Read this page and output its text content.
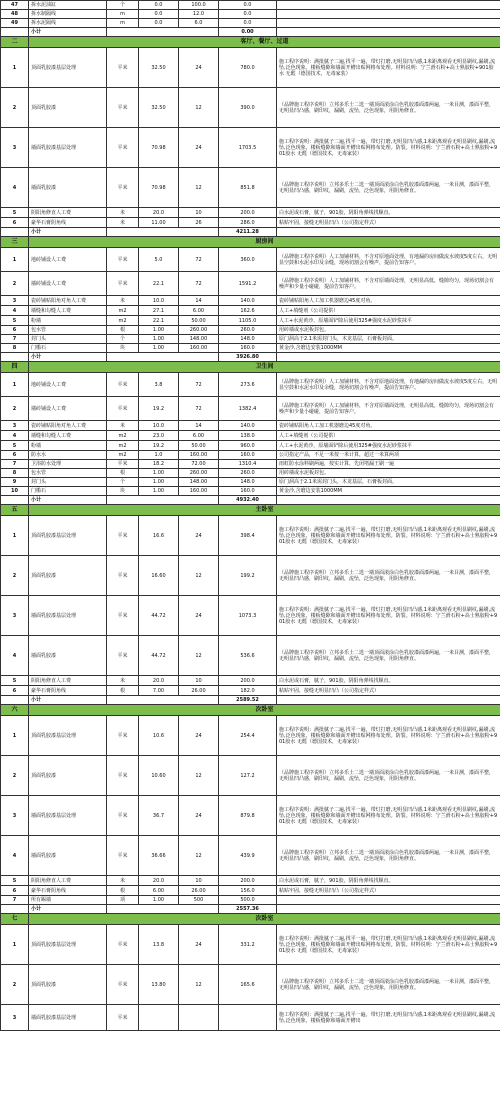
47	拆水泥油缸	个	0.0	100.0	0.0	
48	拆水制隔线	m	0.0	12.0	0.0	
49	拆水泥隔线	m	0.0	6.0	0.0	
	小计				0.00	
二	客厅、餐厅、过道					
1	顶面乳胶漆基层处理	平米	32.50	24	780.0	施工程序说明：满批腻子二遍,找平一遍，带灯打磨,无明显凹凸感,1米距离观看无明显刷纹,漏刷,流坠,泛色现象，楼板缝隙和墙面开槽出贴网格布处理。材料说明：宁兰滑石粉+高士熟胶粉+901胶水 无醛（德国技术，无毒家装）
2	顶面乳胶漆	平米	32.50	12	390.0	（品牌施工程序说明）立邦多乐士二选一墙顶面滚涂白色乳胶漆面漆两遍，一米目测，漆面平整，无明显凹凸感，刷印纹，漏刷，流坠，泛色现象，用阴角修直。
3	墙面乳胶漆基层处理	平米	70.98	24	1703.5	施工程序说明：满批腻子二遍,找平一遍，带灯打磨,无明显凹凸感,1米距离观看无明显刷纹,漏刷,流坠,泛色现象，楼板缝隙和墙面开槽出贴网格布处理。防裂。材料说明：宁兰滑石粉+高士熟胶粉+901胶水 无醛（德国技术，无毒家装）
4	墙面乳胶漆	平米	70.98	12	851.8	（品牌施工程序说明）立邦多乐士二选一墙顶面滚涂白色乳胶漆面漆两遍，一米目测，漆面平整，无明显凹凸感，刷印纹，漏刷，流坠，泛色现象，用阴角修直。
5	阴阳角修直人工费	米	20.0	10	200.0	白水泥或石膏，腻子，901胶，阴阳角弹线找顺直。
6	豪华石膏阴角线	米	11.00	26	286.0	粘贴牢固，接缝无明显凹凸（公司指定样式）
	小计				4211.28	
三	厨房间					
1	地砖铺设人工费	平米	5.0	72	360.0	（品牌施工程序说明）人工加铺材料，不含对原地面处理，有地漏的房间做流水坡度5度左右，无明显空鼓和水泥水印及余缝，现场切割会有噪声，提前告知客户。
2	墙砖铺设人工费	平米	22.1	72	1591.2	（品牌施工程序说明）人工加铺材料，不含对原墙面处理，无明显高低，缝隙均匀，现场切割会有噪声和少量小碰碰，提前告知客户。
3	瓷砖铺贴阳角对角人工费	米	10.0	14	140.0	瓷砖铺贴阳角人工加工机器磨边45度对角。
4	墙缝和勾缝人工费	m2	27.1	6.00	162.6	人工+填缝剂（公司提供）
5	粉墙	m2	22.1	50.00	1105.0	人工+水泥黄沙，原墙面铲除后使用325#强度水泥砂浆抹平
6	包水管	根	1.00	260.00	260.0	用砖墙或水泥板封包。
7	封门头	个	1.00	148.00	148.0	原门洞高于2.1米需封门头，木龙基层，石膏板封面。
8	门槛石	块	1.00	160.00	160.0	黄金沙,含磨边安装1000MM
	小计				3926.80	
四	卫生间					
1	地砖铺设人工费	平米	3.8	72	273.6	（品牌施工程序说明）人工加铺材料，不含对原地面处理，有地漏的房间做流水坡度5度左右，无明显空鼓和水泥水印及余缝，现场切割会有噪声，提前告知客户。
2	墙砖铺设人工费	平米	19.2	72	1382.4	（品牌施工程序说明）人工加铺材料，不含对原墙面处理，无明显高低，缝隙均匀，现场切割会有噪声和少量小碰碰，提前告知客户。
3	瓷砖铺贴阳角对角人工费	米	10.0	14	140.0	瓷砖铺贴阳角人工加工机器磨边45度对角。
4	墙缝和勾缝人工费	m2	23.0	6.00	138.0	人工+填缝剂（公司提供）
5	粉墙	m2	19.2	50.00	960.0	人工+水泥黄沙，原墙面铲除后使用325#强度水泥砂浆抹平
6	防水水	m2	1.0	160.00	160.0	公司指定产品，不足一米按一米计算，超过一米算两项
7	卫浴防水处理	平米	18.2	72.00	1310.4	雨虹防水涂料刷两遍，按实计算，先闭堵漏王刷一遍
8	包水管	根	1.00	260.00	260.0	用砖墙或水泥板封包。
9	封门头	个	1.00	148.00	148.0	原门洞高于2.1米需封门头，木龙基层，石膏板封面。
10	门槛石	块	1.00	160.00	160.0	黄金沙,含磨边安装1000MM
	小计				4932.40	
五	主卧室					
1	顶面乳胶漆基层处理	平米	16.6	24	398.4	施工程序说明：满批腻子二遍,找平一遍，带灯打磨,无明显凹凸感,1米距离观看无明显刷纹,漏刷,流坠,泛色现象，楼板缝隙和墙面开槽出贴网格布处理。防裂。材料说明：宁兰滑石粉+高士熟胶粉+901胶水 无醛（德国技术，无毒家装）
2	顶面乳胶漆	平米	16.60	12	199.2	（品牌施工程序说明）立邦多乐士二选一墙顶面滚涂白色乳胶漆面漆两遍，一米目测，漆面平整，无明显凹凸感，刷印纹，漏刷，流坠，泛色现象，用阴角修直。
3	墙面乳胶漆基层处理	平米	44.72	24	1073.3	施工程序说明：满批腻子二遍,找平一遍，带灯打磨,无明显凹凸感,1米距离观看无明显刷纹,漏刷,流坠,泛色现象，楼板缝隙和墙面开槽出贴网格布处理。防裂。材料说明：宁兰滑石粉+高士熟胶粉+901胶水 无醛（德国技术，无毒家装）
4	墙面乳胶漆	平米	44.72	12	536.6	（品牌施工程序说明）立邦多乐士二选一墙顶面滚涂白色乳胶漆面漆两遍，一米目测，漆面平整，无明显凹凸感，刷印纹，漏刷，流坠，泛色现象，用阴角修直。
5	阴阳角修直人工费	米	20.0	10	200.0	白水泥或石膏，腻子，901胶，阴阳角弹线找顺直。
6	豪华石膏阴角线	根	7.00	26.00	182.0	粘贴牢固，接缝无明显凹凸（公司指定样式）
	小计				2589.52	
六	次卧室					
1	顶面乳胶漆基层处理	平米	10.6	24	254.4	施工程序说明：满批腻子二遍,找平一遍，带灯打磨,无明显凹凸感,1米距离观看无明显刷纹,漏刷,流坠,泛色现象，楼板缝隙和墙面开槽出贴网格布处理。防裂。材料说明：宁兰滑石粉+高士熟胶粉+901胶水 无醛（德国技术，无毒家装）
2	顶面乳胶漆	平米	10.60	12	127.2	（品牌施工程序说明）立邦多乐士二选一墙顶面滚涂白色乳胶漆面漆两遍，一米目测，漆面平整，无明显凹凸感，刷印纹，漏刷，流坠，泛色现象，用阴角修直。
3	墙面乳胶漆基层处理	平米	36.7	24	879.8	施工程序说明：满批腻子二遍,找平一遍，带灯打磨,无明显凹凸感,1米距离观看无明显刷纹,漏刷,流坠,泛色现象，楼板缝隙和墙面开槽出贴网格布处理。防裂。材料说明：宁兰滑石粉+高士熟胶粉+901胶水 无醛（德国技术，无毒家装）
4	墙面乳胶漆	平米	36.66	12	439.9	（品牌施工程序说明）立邦多乐士二选一墙顶面滚涂白色乳胶漆面漆两遍，一米目测，漆面平整，无明显凹凸感，刷印纹，漏刷，流坠，泛色现象，用阴角修直。
5	阴阳角修直人工费	米	20.0	10	200.0	白水泥或石膏，腻子，901胶，阴阳角弹线找顺直。
6	豪华石膏阴角线	根	6.00	26.00	156.0	粘贴牢固，接缝无明显凹凸（公司指定样式）
7	所有踢墙	项	1.00	500	500.0	
	小计				2557.36	
七	次卧室					
1	顶面乳胶漆基层处理	平米	13.8	24	331.2	施工程序说明：满批腻子二遍,找平一遍，带灯打磨,无明显凹凸感,1米距离观看无明显刷纹,漏刷,流坠,泛色现象，楼板缝隙和墙面开槽出贴网格布处理。防裂。材料说明：宁兰滑石粉+高士熟胶粉+901胶水 无醛（德国技术，无毒家装）
2	顶面乳胶漆	平米	13.80	12	165.6	（品牌施工程序说明）立邦多乐士二选一墙顶面滚涂白色乳胶漆面漆两遍，一米目测，漆面平整，无明显凹凸感，刷印纹，漏刷，流坠，泛色现象，用阴角修直。
3	墙面乳胶漆基层处理	平米				施工程序说明：满批腻子二遍,找平一遍，带灯打磨,无明显凹凸感,1米距离观看无明显刷纹,漏刷,流坠,泛色现象，楼板缝隙和墙面开槽出
